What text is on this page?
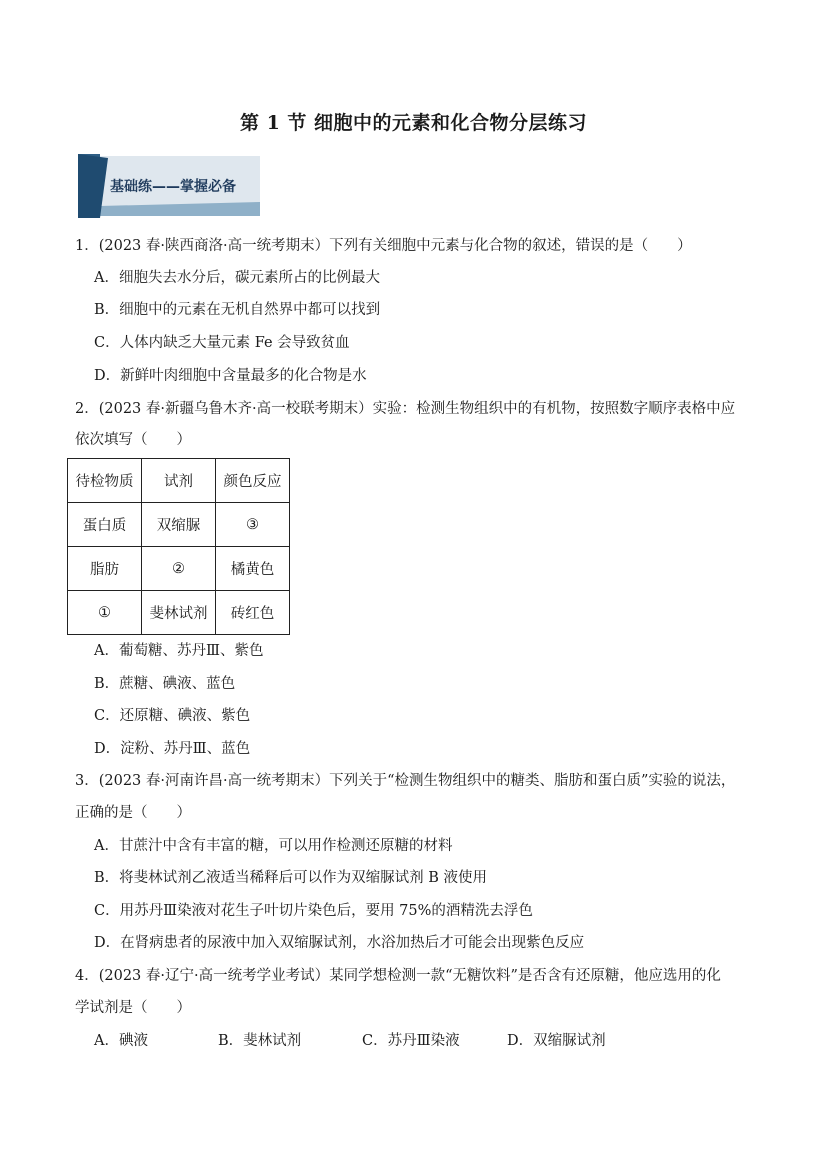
第 1 节 细胞中的元素和化合物分层练习
基础练——掌握必备
1．(2023 春·陕西商洛·高一统考期末）下列有关细胞中元素与化合物的叙述，错误的是（　　）
A．细胞失去水分后，碳元素所占的比例最大
B．细胞中的元素在无机自然界中都可以找到
C．人体内缺乏大量元素 Fe 会导致贫血
D．新鲜叶肉细胞中含量最多的化合物是水
2．(2023 春·新疆乌鲁木齐·高一校联考期末）实验：检测生物组织中的有机物，按照数字顺序表格中应
依次填写（　　）
待检物质	试剂	颜色反应
蛋白质	双缩脲	③
脂肪	②	橘黄色
①	斐林试剂	砖红色
A．葡萄糖、苏丹Ⅲ、紫色
B．蔗糖、碘液、蓝色
C．还原糖、碘液、紫色
D．淀粉、苏丹Ⅲ、蓝色
3．(2023 春·河南许昌·高一统考期末）下列关于“检测生物组织中的糖类、脂肪和蛋白质”实验的说法，
正确的是（　　）
A．甘蔗汁中含有丰富的糖，可以用作检测还原糖的材料
B．将斐林试剂乙液适当稀释后可以作为双缩脲试剂 B 液使用
C．用苏丹Ⅲ染液对花生子叶切片染色后，要用 75%的酒精洗去浮色
D．在肾病患者的尿液中加入双缩脲试剂，水浴加热后才可能会出现紫色反应
4．(2023 春·辽宁·高一统考学业考试）某同学想检测一款“无糖饮料”是否含有还原糖，他应选用的化
学试剂是（　　）
A．碘液	B．斐林试剂	C．苏丹Ⅲ染液	D．双缩脲试剂
